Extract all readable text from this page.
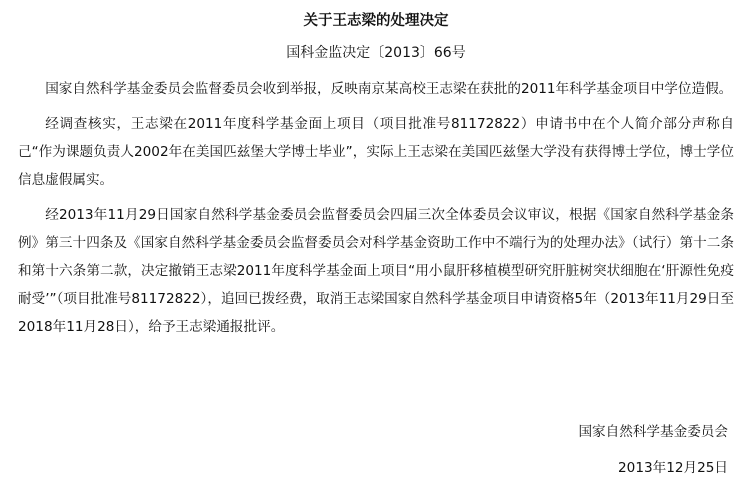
关于王志梁的处理决定
国科金监决定〔2013〕66号

国家自然科学基金委员会监督委员会收到举报，反映南京某高校王志梁在获批的2011年科学基金项目中学位造假。

经调查核实，王志梁在2011年度科学基金面上项目（项目批准号81172822）申请书中在个人简介部分声称自己“作为课题负责人2002年在美国匹兹堡大学博士毕业”，实际上王志梁在美国匹兹堡大学没有获得博士学位，博士学位信息虚假属实。

经2013年11月29日国家自然科学基金委员会监督委员会四届三次全体委员会议审议，根据《国家自然科学基金条例》第三十四条及《国家自然科学基金委员会监督委员会对科学基金资助工作中不端行为的处理办法》（试行）第十二条和第十六条第二款，决定撤销王志梁2011年度科学基金面上项目“用小鼠肝移植模型研究肝脏树突状细胞在‘肝源性免疫耐受’”（项目批准号81172822），追回已拨经费，取消王志梁国家自然科学基金项目申请资格5年（2013年11月29日至2018年11月28日），给予王志梁通报批评。

国家自然科学基金委员会
2013年12月25日
